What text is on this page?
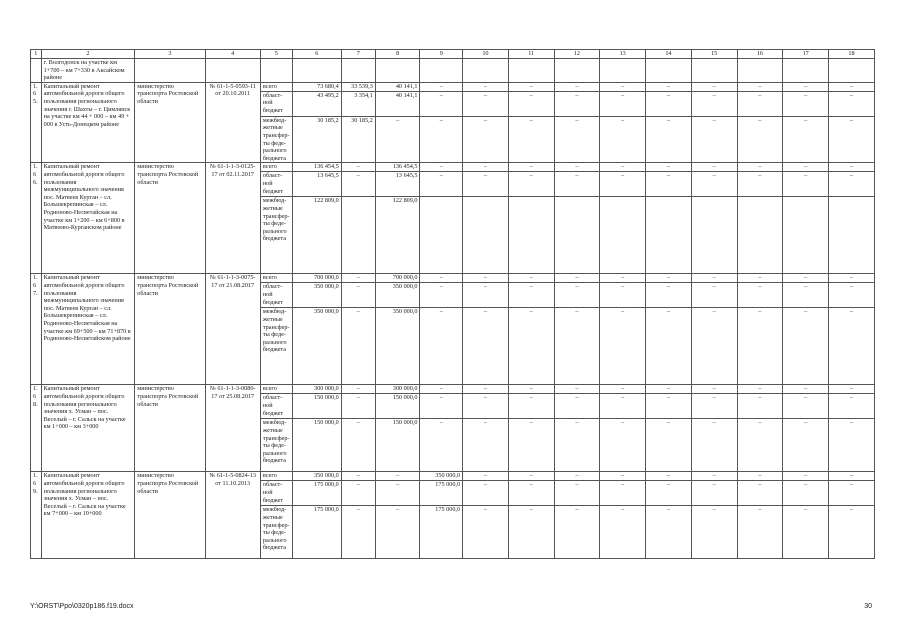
1	2	3	4	5	6	7	8	9	10	11	12	13	14	15	16	17	18
	г. Волгодонск на участке км 1+700 – км 7+330 в Аксайском районе																
1.65.	Капитальный ремонт автомобильной дороги общего пользования регионального значения г. Шахты – г. Цимлянск на участке км 44 + 000 – км 49 + 000 в Усть-Донецком районе	министерство транспорта Ростовской области	№ 61-1-5-0593-11 от 20.10.2011	всего	73 680,4	33 539,3	40 141,1	–	–	–	–	–	–	–	–	–	–
				област-ной бюджет	43 495,2	3 354,1	40 141,1	–	–	–	–	–	–	–	–	–	–
				межбюд-жетные трансфер-ты феде-рального бюджета	30 185,2	30 185,2	–	–	–	–	–	–	–	–	–	–	–
1.66.	Капитальный ремонт автомобильной дороги общего пользования межмуниципального значения пос. Матвеев Курган – сл. Большекрепинская – сл. Родионово-Несветайская на участке км 1+200 – км 6+800 в Матвеево-Курганском районе	министерство транспорта Ростовской области	№ 61-1-1-3-0125-17 от 02.11.2017	всего	136 454,5	–	136 454,5	–	–	–	–	–	–	–	–	–	–
				област-ной бюджет	13 645,5	–	13 645,5	–	–	–	–	–	–	–	–	–	–
				межбюд-жетные трансфер-ты феде-рального бюджета	122 809,0		122 809,0										
1.67.	Капитальный ремонт автомобильной дороги общего пользования межмуниципального значения пос. Матвеев Курган – сл. Большекрепинская – сл. Родионово-Несветайская на участке км 69+500 – км 71+870 в Родионово-Несветайском районе	министерство транспорта Ростовской области	№ 61-1-1-3-0075-17 от 21.08.2017	всего	700 000,0	–	700 000,0	–	–	–	–	–	–	–	–	–	–
				област-ной бюджет	350 000,0	–	350 000,0	–	–	–	–	–	–	–	–	–	–
				межбюд-жетные трансфер-ты феде-рального бюджета	350 000,0	–	350 000,0	–	–	–	–	–	–	–	–	–	–
1.68.	Капитальный ремонт автомобильной дороги общего пользования регионального значения х. Усман – пос. Веселый – г. Сальск на участке км 1+000 – км 3+000	министерство транспорта Ростовской области	№ 61-1-1-3-0080-17 от 25.08.2017	всего	300 000,0	–	300 000,0	–	–	–	–	–	–	–	–	–	–
				област-ной бюджет	150 000,0	–	150 000,0	–	–	–	–	–	–	–	–	–	–
				межбюд-жетные трансфер-ты феде-рального бюджета	150 000,0	–	150 000,0	–	–	–	–	–	–	–	–	–	–
1.69.	Капитальный ремонт автомобильной дороги общего пользования регионального значения х. Усман – пос. Веселый – г. Сальск на участке км 7+000 – км 10+000	министерство транспорта Ростовской области	№ 61-1-5-0824-13 от 11.10.2013	всего	350 000,0	–	–	350 000,0	–	–	–	–	–	–	–	–	–
				област-ной бюджет	175 000,0	–	–	175 000,0	–	–	–	–	–	–	–	–	–
				межбюд-жетные трансфер-ты феде-рального бюджета	175 000,0	–	–	175 000,0	–	–	–	–	–	–	–	–	–
Y:\ORST\Ppo\0320p186.f19.docx	30
